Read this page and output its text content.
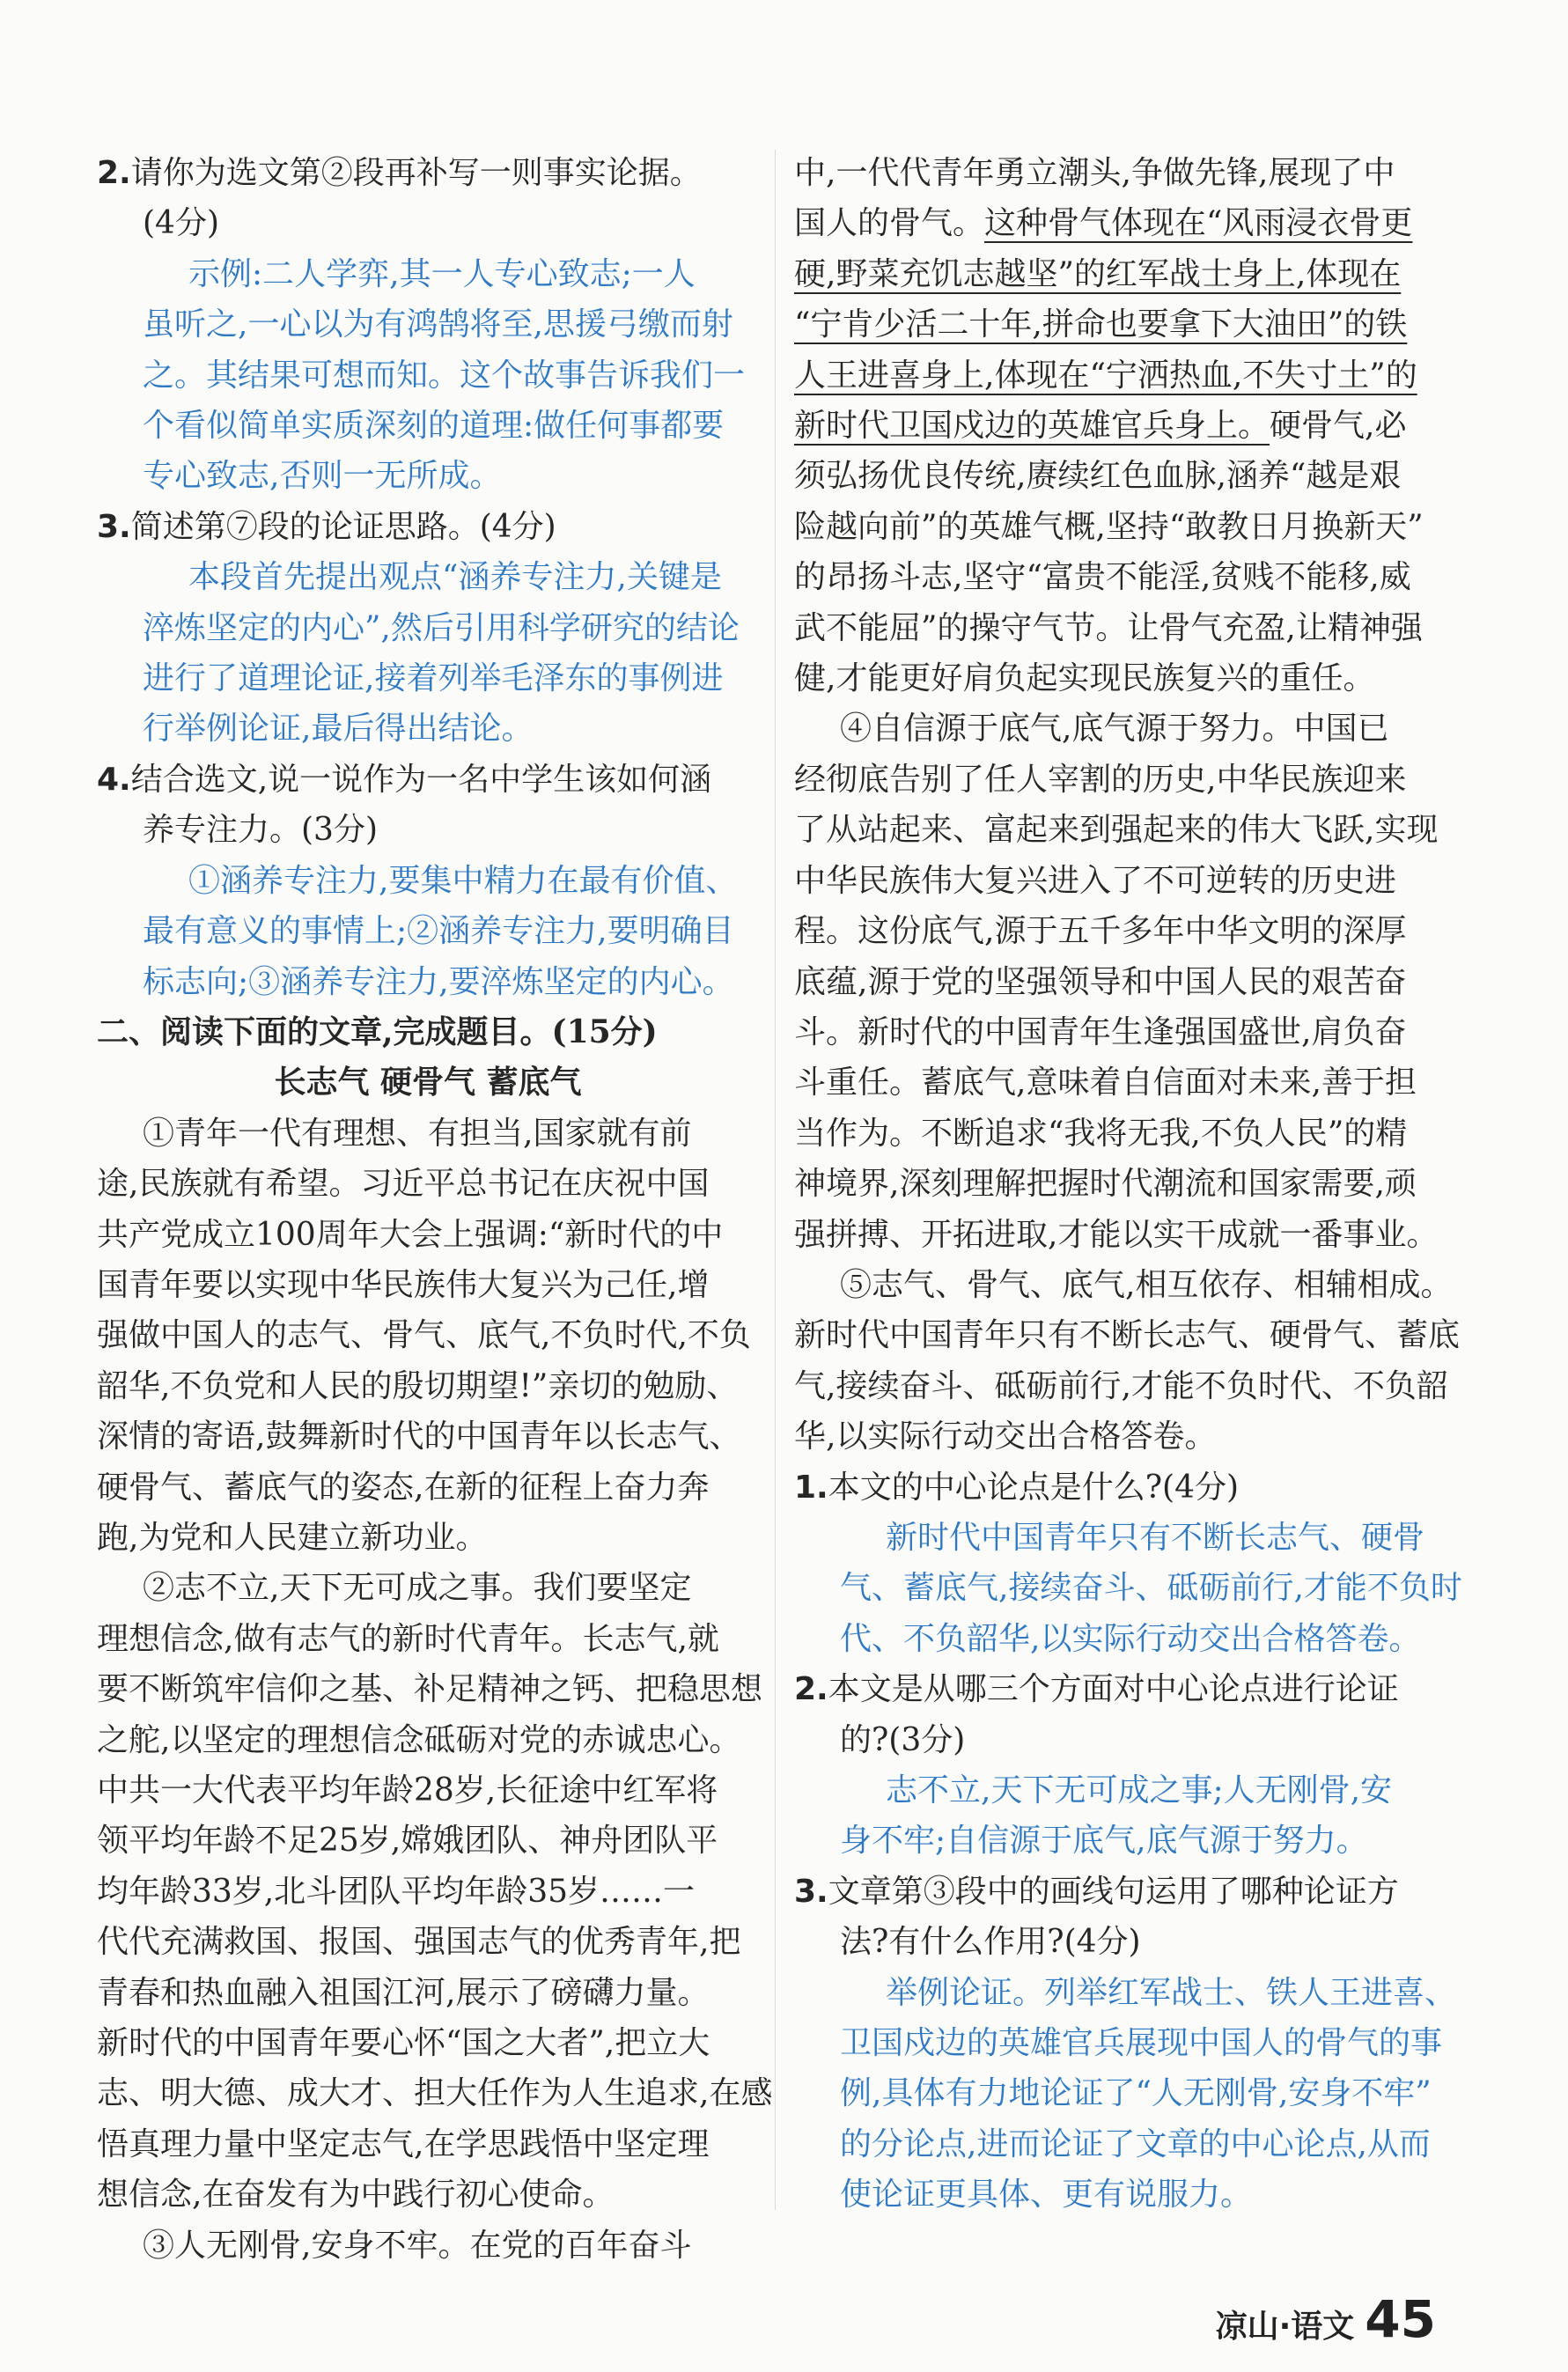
2.请你为选文第②段再补写一则事实论据。
(4分)
示例:二人学弈,其一人专心致志;一人
虽听之,一心以为有鸿鹄将至,思援弓缴而射
之。其结果可想而知。这个故事告诉我们一
个看似简单实质深刻的道理:做任何事都要
专心致志,否则一无所成。
3.简述第⑦段的论证思路。(4分)
本段首先提出观点“涵养专注力,关键是
淬炼坚定的内心”,然后引用科学研究的结论
进行了道理论证,接着列举毛泽东的事例进
行举例论证,最后得出结论。
4.结合选文,说一说作为一名中学生该如何涵
养专注力。(3分)
①涵养专注力,要集中精力在最有价值、
最有意义的事情上;②涵养专注力,要明确目
标志向;③涵养专注力,要淬炼坚定的内心。
二、阅读下面的文章,完成题目。(15分)
长志气 硬骨气 蓄底气
①青年一代有理想、有担当,国家就有前
途,民族就有希望。习近平总书记在庆祝中国
共产党成立100周年大会上强调:“新时代的中
国青年要以实现中华民族伟大复兴为己任,增
强做中国人的志气、骨气、底气,不负时代,不负
韶华,不负党和人民的殷切期望!”亲切的勉励、
深情的寄语,鼓舞新时代的中国青年以长志气、
硬骨气、蓄底气的姿态,在新的征程上奋力奔
跑,为党和人民建立新功业。
②志不立,天下无可成之事。我们要坚定
理想信念,做有志气的新时代青年。长志气,就
要不断筑牢信仰之基、补足精神之钙、把稳思想
之舵,以坚定的理想信念砥砺对党的赤诚忠心。
中共一大代表平均年龄28岁,长征途中红军将
领平均年龄不足25岁,嫦娥团队、神舟团队平
均年龄33岁,北斗团队平均年龄35岁……一
代代充满救国、报国、强国志气的优秀青年,把
青春和热血融入祖国江河,展示了磅礴力量。
新时代的中国青年要心怀“国之大者”,把立大
志、明大德、成大才、担大任作为人生追求,在感
悟真理力量中坚定志气,在学思践悟中坚定理
想信念,在奋发有为中践行初心使命。
③人无刚骨,安身不牢。在党的百年奋斗
中,一代代青年勇立潮头,争做先锋,展现了中
国人的骨气。这种骨气体现在“风雨浸衣骨更
硬,野菜充饥志越坚”的红军战士身上,体现在
“宁肯少活二十年,拼命也要拿下大油田”的铁
人王进喜身上,体现在“宁洒热血,不失寸土”的
新时代卫国戍边的英雄官兵身上。硬骨气,必
须弘扬优良传统,赓续红色血脉,涵养“越是艰
险越向前”的英雄气概,坚持“敢教日月换新天”
的昂扬斗志,坚守“富贵不能淫,贫贱不能移,威
武不能屈”的操守气节。让骨气充盈,让精神强
健,才能更好肩负起实现民族复兴的重任。
④自信源于底气,底气源于努力。中国已
经彻底告别了任人宰割的历史,中华民族迎来
了从站起来、富起来到强起来的伟大飞跃,实现
中华民族伟大复兴进入了不可逆转的历史进
程。这份底气,源于五千多年中华文明的深厚
底蕴,源于党的坚强领导和中国人民的艰苦奋
斗。新时代的中国青年生逢强国盛世,肩负奋
斗重任。蓄底气,意味着自信面对未来,善于担
当作为。不断追求“我将无我,不负人民”的精
神境界,深刻理解把握时代潮流和国家需要,顽
强拼搏、开拓进取,才能以实干成就一番事业。
⑤志气、骨气、底气,相互依存、相辅相成。
新时代中国青年只有不断长志气、硬骨气、蓄底
气,接续奋斗、砥砺前行,才能不负时代、不负韶
华,以实际行动交出合格答卷。
1.本文的中心论点是什么?(4分)
新时代中国青年只有不断长志气、硬骨
气、蓄底气,接续奋斗、砥砺前行,才能不负时
代、不负韶华,以实际行动交出合格答卷。
2.本文是从哪三个方面对中心论点进行论证
的?(3分)
志不立,天下无可成之事;人无刚骨,安
身不牢;自信源于底气,底气源于努力。
3.文章第③段中的画线句运用了哪种论证方
法?有什么作用?(4分)
举例论证。列举红军战士、铁人王进喜、
卫国戍边的英雄官兵展现中国人的骨气的事
例,具体有力地论证了“人无刚骨,安身不牢”
的分论点,进而论证了文章的中心论点,从而
使论证更具体、更有说服力。
凉山·语文 45
